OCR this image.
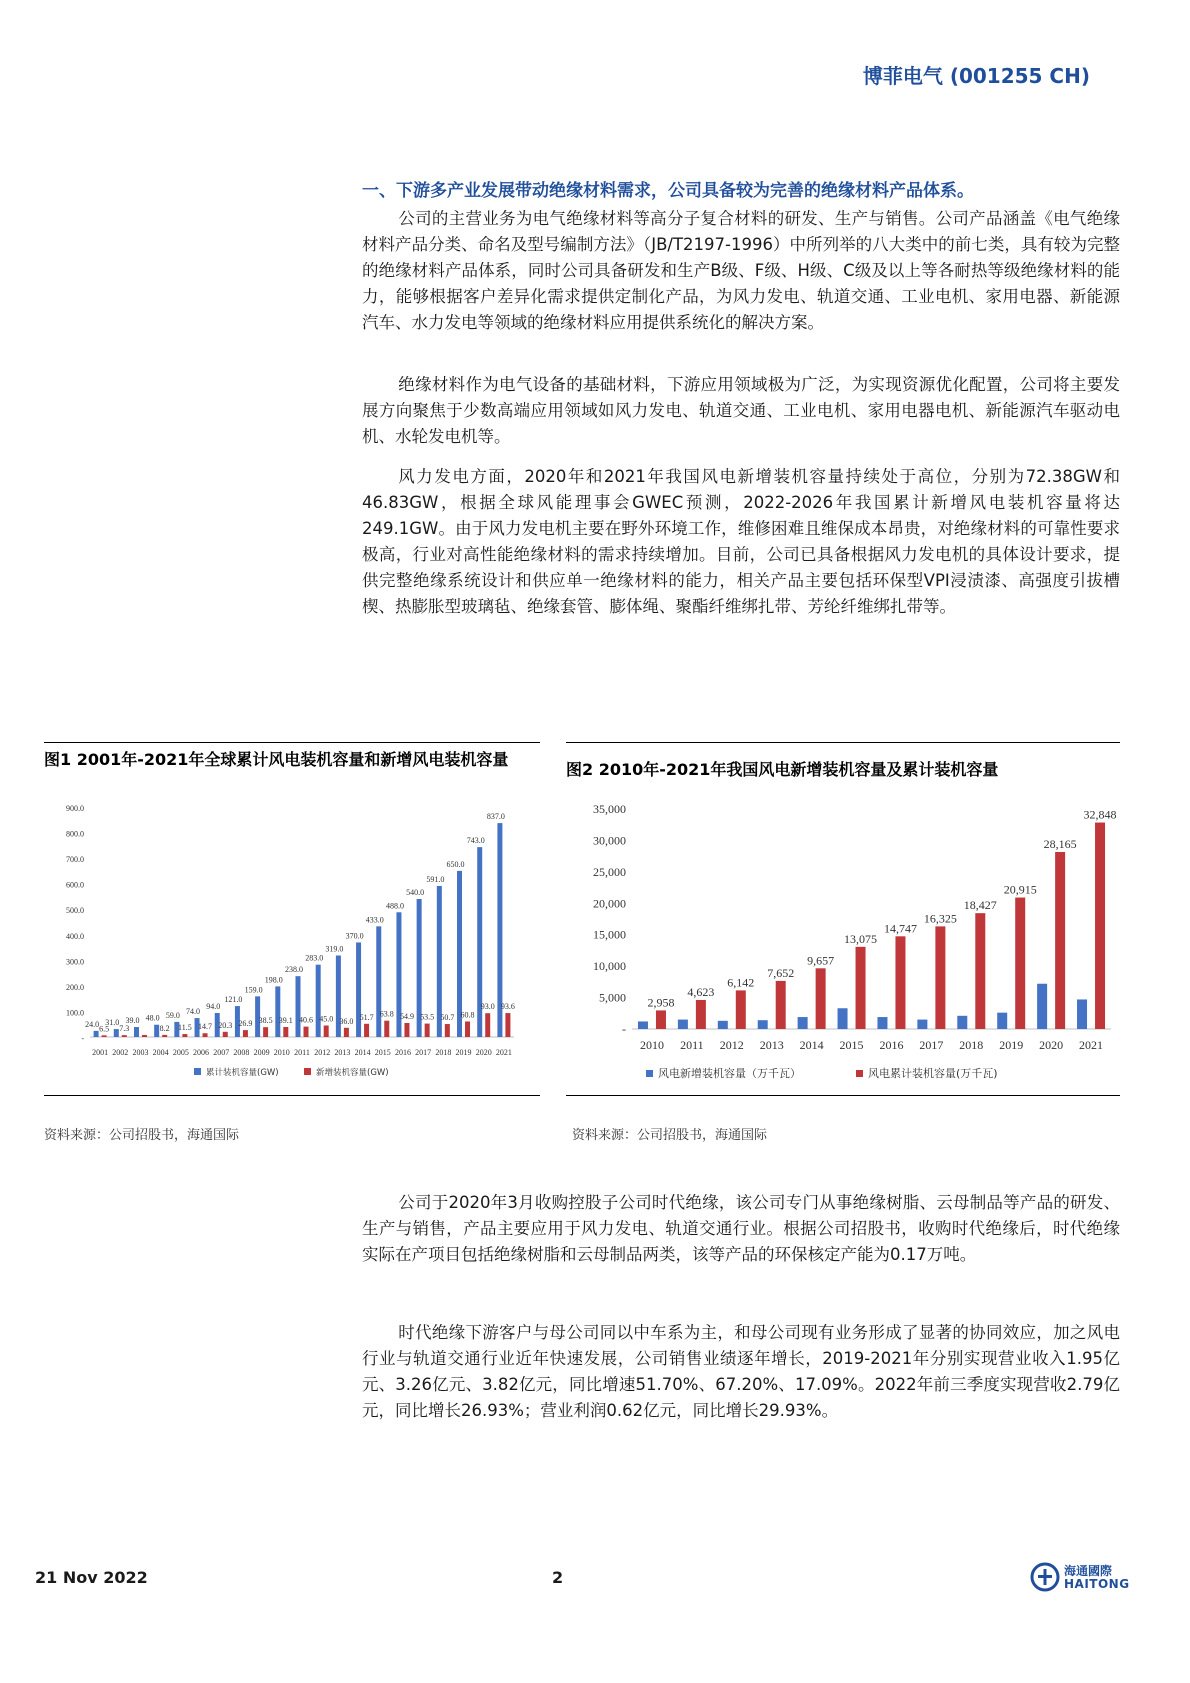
博菲电气 (001255 CH)
一、下游多产业发展带动绝缘材料需求，公司具备较为完善的绝缘材料产品体系。

公司的主营业务为电气绝缘材料等高分子复合材料的研发、生产与销售。公司产品涵盖《电气绝缘材料产品分类、命名及型号编制方法》（JB/T2197-1996）中所列举的八大类中的前七类，具有较为完整的绝缘材料产品体系，同时公司具备研发和生产B级、F级、H级、C级及以上等各耐热等级绝缘材料的能力，能够根据客户差异化需求提供定制化产品，为风力发电、轨道交通、工业电机、家用电器、新能源汽车、水力发电等领域的绝缘材料应用提供系统化的解决方案。

绝缘材料作为电气设备的基础材料，下游应用领域极为广泛，为实现资源优化配置，公司将主要发展方向聚焦于少数高端应用领域如风力发电、轨道交通、工业电机、家用电器电机、新能源汽车驱动电机、水轮发电机等。

风力发电方面，2020年和2021年我国风电新增装机容量持续处于高位，分别为72.38GW和46.83GW，根据全球风能理事会GWEC预测，2022-2026年我国累计新增风电装机容量将达249.1GW。由于风力发电机主要在野外环境工作，维修困难且维保成本昂贵，对绝缘材料的可靠性要求极高，行业对高性能绝缘材料的需求持续增加。目前，公司已具备根据风力发电机的具体设计要求，提供完整绝缘系统设计和供应单一绝缘材料的能力，相关产品主要包括环保型VPI浸渍漆、高强度引拔槽楔、热膨胀型玻璃毡、绝缘套管、膨体绳、聚酯纤维绑扎带、芳纶纤维绑扎带等。

图1 2001年-2021年全球累计风电装机容量和新增风电装机容量
-
100.0
200.0
300.0
400.0
500.0
600.0
700.0
800.0
900.0
24.0 6.5
2001
31.0
7.3
2002
39.0
2003
48.0
8.2
2004
59.0
11.5
2005
74.0
14.7
2006
94.0
20.3
2007
121.0
26.9
2008
159.0
38.5
2009
198.0
39.1
2010
238.0
40.6
2011
283.0
45.0
2012
319.0
36.0
2013
370.0
51.7
2014
433.0
63.8
2015
488.0
54.9
2016
540.0
53.5
2017
591.0
50.7
2018
650.0
60.8
2019
743.0
93.0
2020
837.0
93.6
2021
累计装机容量(GW)	新增装机容量(GW)
资料来源：公司招股书，海通国际
图2 2010年-2021年我国风电新增装机容量及累计装机容量
-
5,000
10,000
15,000
20,000
25,000
30,000
35,000
2,958
2010
4,623
2011
6,142
2012
7,652
2013
9,657
2014
13,075
2015
14,747
2016
16,325
2017
18,427
2018
20,915
2019
28,165
2020
32,848
2021
风电新增装机容量（万千瓦）	风电累计装机容量(万千瓦)
资料来源：公司招股书，海通国际

公司于2020年3月收购控股子公司时代绝缘，该公司专门从事绝缘树脂、云母制品等产品的研发、生产与销售，产品主要应用于风力发电、轨道交通行业。根据公司招股书，收购时代绝缘后，时代绝缘实际在产项目包括绝缘树脂和云母制品两类，该等产品的环保核定产能为0.17万吨。

时代绝缘下游客户与母公司同以中车系为主，和母公司现有业务形成了显著的协同效应，加之风电行业与轨道交通行业近年快速发展，公司销售业绩逐年增长，2019-2021年分别实现营业收入1.95亿元、3.26亿元、3.82亿元，同比增速51.70%、67.20%、17.09%。2022年前三季度实现营收2.79亿元，同比增长26.93%；营业利润0.62亿元，同比增长29.93%。

21 Nov 2022	2	海通國際
HAITONG
